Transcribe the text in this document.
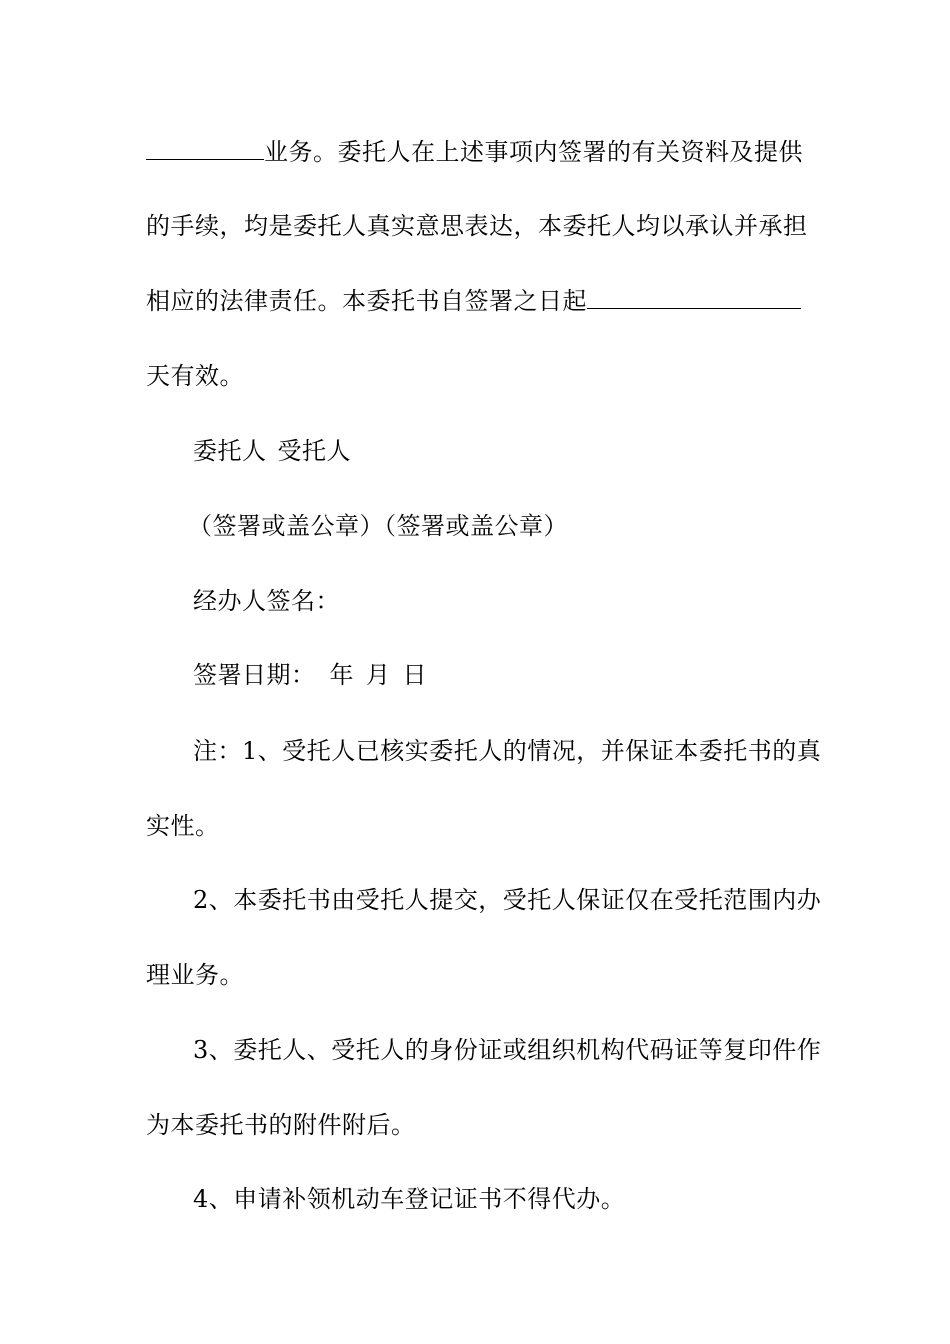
业务。委托人在上述事项内签署的有关资料及提供
的手续，均是委托人真实意思表达，本委托人均以承认并承担
相应的法律责任。本委托书自签署之日起
天有效。
委托人 受托人
（签署或盖公章）（签署或盖公章）
经办人签名：
签署日期： 年 月 日
注：1、受托人已核实委托人的情况，并保证本委托书的真
实性。
2、本委托书由受托人提交，受托人保证仅在受托范围内办
理业务。
3、委托人、受托人的身份证或组织机构代码证等复印件作
为本委托书的附件附后。
4、申请补领机动车登记证书不得代办。
